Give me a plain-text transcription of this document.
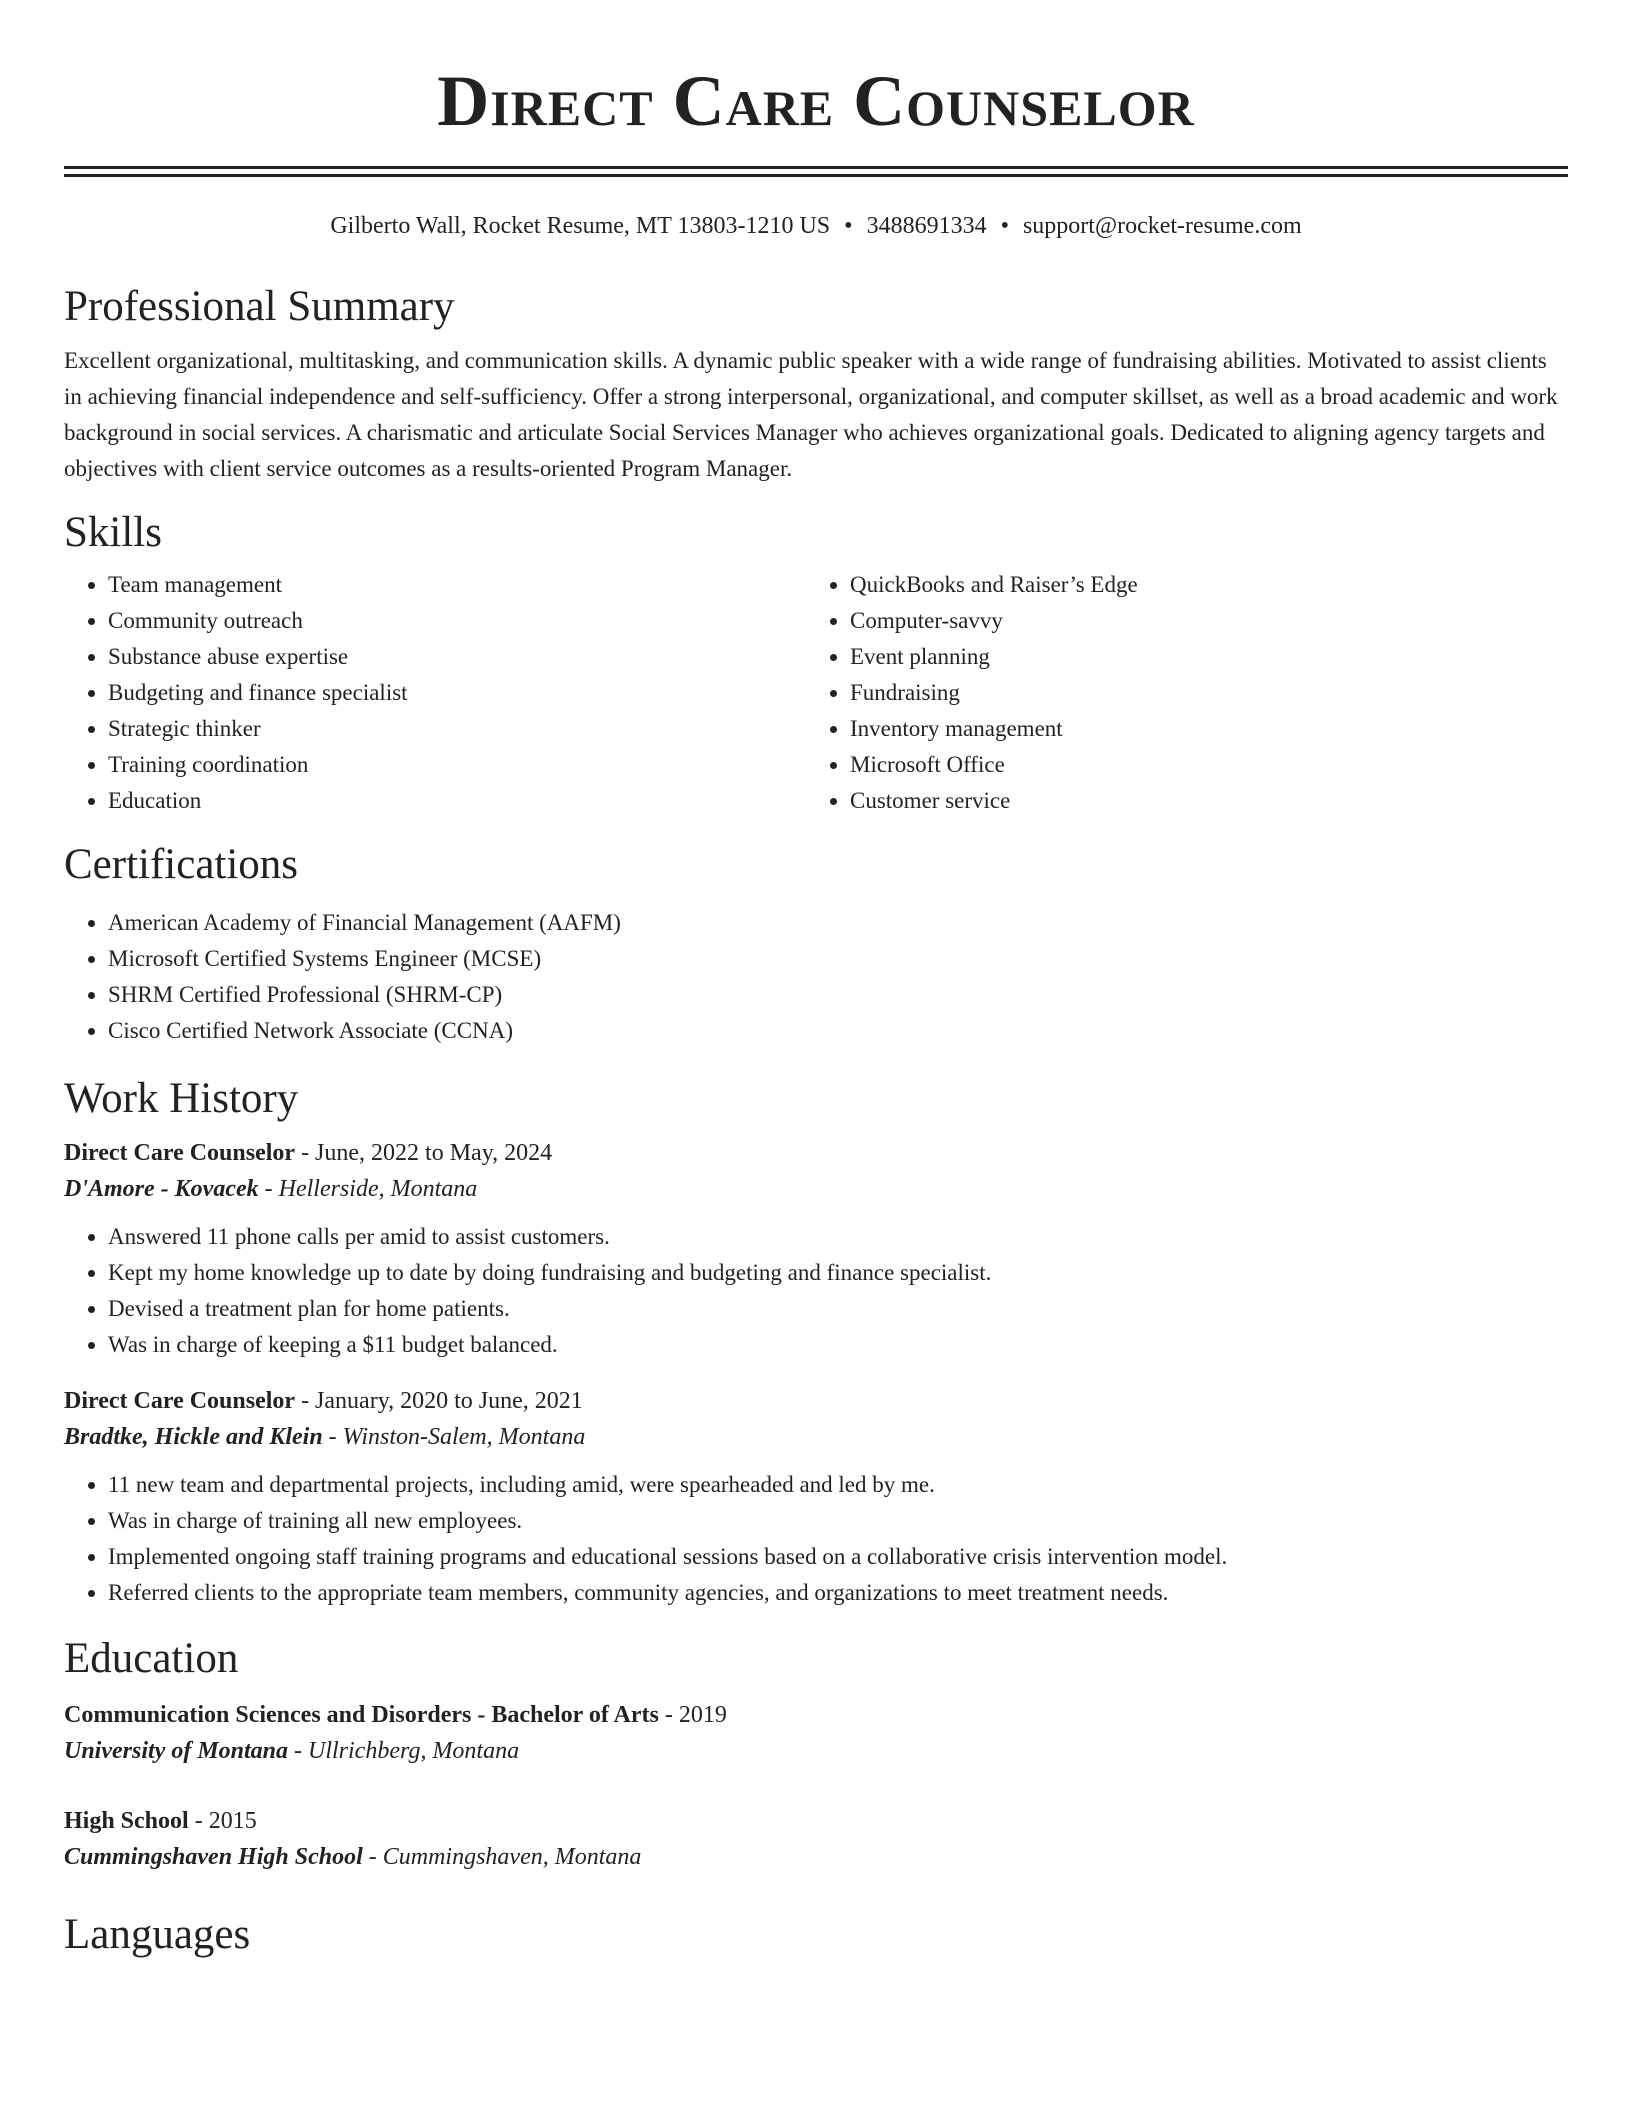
Direct Care Counselor
Gilberto Wall, Rocket Resume, MT 13803-1210 US • 3488691334 • support@rocket-resume.com
Professional Summary

Excellent organizational, multitasking, and communication skills. A dynamic public speaker with a wide range of fundraising abilities. Motivated to assist clients in achieving financial independence and self-sufficiency. Offer a strong interpersonal, organizational, and computer skillset, as well as a broad academic and work background in social services. A charismatic and articulate Social Services Manager who achieves organizational goals. Dedicated to aligning agency targets and objectives with client service outcomes as a results-oriented Program Manager.

Skills
• Team management
• Community outreach
• Substance abuse expertise
• Budgeting and finance specialist
• Strategic thinker
• Training coordination
• Education
• QuickBooks and Raiser’s Edge
• Computer-savvy
• Event planning
• Fundraising
• Inventory management
• Microsoft Office
• Customer service
Certifications
• American Academy of Financial Management (AAFM)
• Microsoft Certified Systems Engineer (MCSE)
• SHRM Certified Professional (SHRM-CP)
• Cisco Certified Network Associate (CCNA)
Work History
Direct Care Counselor - June, 2022 to May, 2024
D'Amore - Kovacek - Hellerside, Montana
• Answered 11 phone calls per amid to assist customers.
• Kept my home knowledge up to date by doing fundraising and budgeting and finance specialist.
• Devised a treatment plan for home patients.
• Was in charge of keeping a $11 budget balanced.
Direct Care Counselor - January, 2020 to June, 2021
Bradtke, Hickle and Klein - Winston-Salem, Montana
• 11 new team and departmental projects, including amid, were spearheaded and led by me.
• Was in charge of training all new employees.
• Implemented ongoing staff training programs and educational sessions based on a collaborative crisis intervention model.
• Referred clients to the appropriate team members, community agencies, and organizations to meet treatment needs.
Education
Communication Sciences and Disorders - Bachelor of Arts - 2019
University of Montana - Ullrichberg, Montana
High School - 2015
Cummingshaven High School - Cummingshaven, Montana
Languages
